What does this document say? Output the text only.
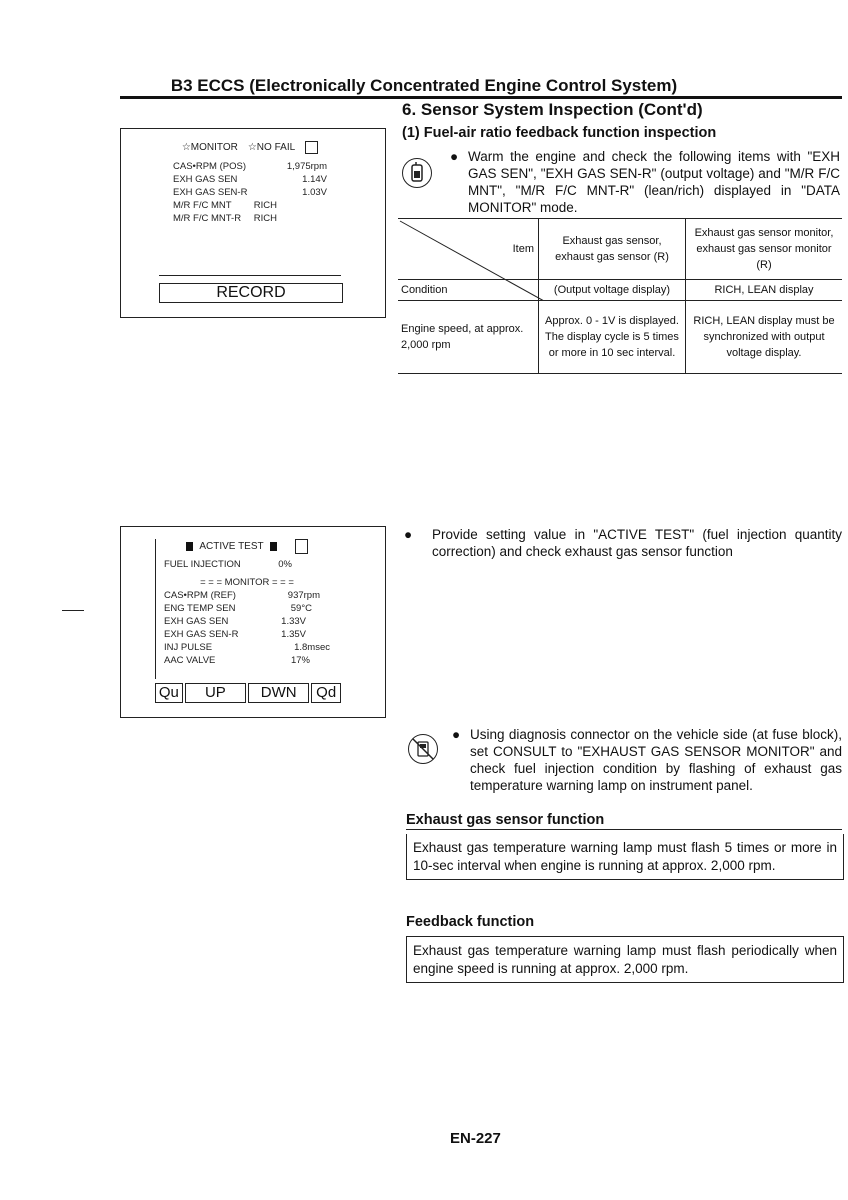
B3 ECCS (Electronically Concentrated Engine Control System)
6. Sensor System Inspection (Cont'd)
(1) Fuel-air ratio feedback function inspection
☆MONITOR ☆NO FAIL
CAS•RPM (POS)	1,975rpm
EXH GAS SEN	1.14V
EXH GAS SEN-R	1.03V
M/R F/C MNT RICH
M/R F/C MNT-R RICH
RECORD
● Warm the engine and check the following items with "EXH GAS SEN", "EXH GAS SEN-R" (output voltage) and "M/R F/C MNT", "M/R F/C MNT-R" (lean/rich) displayed in "DATA MONITOR" mode.
Item	Exhaust gas sensor, exhaust gas sensor (R)	Exhaust gas sensor monitor, exhaust gas sensor monitor (R)
Condition	(Output voltage display)	RICH, LEAN display
Engine speed, at approx. 2,000 rpm	Approx. 0 - 1V is displayed. The display cycle is 5 times or more in 10 sec interval.	RICH, LEAN display must be synchronized with output voltage display.
ACTIVE TEST
FUEL INJECTION	0%
= = = MONITOR = = =
CAS•RPM (REF)	937rpm
ENG TEMP SEN	59°C
EXH GAS SEN	1.33V
EXH GAS SEN-R	1.35V
INJ PULSE	1.8msec
AAC VALVE	17%
Qu	UP	DWN	Qd
● Provide setting value in "ACTIVE TEST" (fuel injection quantity correction) and check exhaust gas sensor function
● Using diagnosis connector on the vehicle side (at fuse block), set CONSULT to "EXHAUST GAS SENSOR MONITOR" and check fuel injection condition by flashing of exhaust gas temperature warning lamp on instrument panel.
Exhaust gas sensor function
Exhaust gas temperature warning lamp must flash 5 times or more in 10-sec interval when engine is running at approx. 2,000 rpm.
Feedback function
Exhaust gas temperature warning lamp must flash periodically when engine speed is running at approx. 2,000 rpm.
EN-227
